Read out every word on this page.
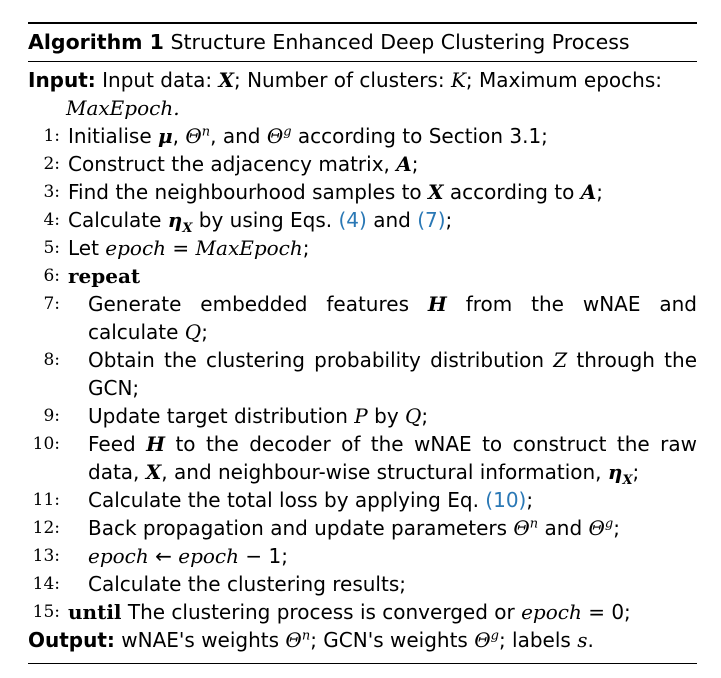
Algorithm 1 Structure Enhanced Deep Clustering Process
Input: Input data: X; Number of clusters: K; Maximum epochs:
MaxEpoch.
1: Initialise μ, $\Theta^n$, and $\Theta^g$ according to Section 3.1;
2: Construct the adjacency matrix, A;
3: Find the neighbourhood samples to X according to A;
4: Calculate $\eta_X$ by using Eqs. (4) and (7);
5: Let epoch = MaxEpoch;
6: repeat
7: Generate embedded features H from the wNAE and
calculate Q;
8: Obtain the clustering probability distribution Z through the
GCN;
9: Update target distribution P by Q;
10: Feed H to the decoder of the wNAE to construct the raw
data, X, and neighbour-wise structural information, $\eta_X$;
11: Calculate the total loss by applying Eq. (10);
12: Back propagation and update parameters $\Theta^n$ and $\Theta^g$;
13: epoch ← epoch − 1;
14: Calculate the clustering results;
15: until The clustering process is converged or epoch = 0;
Output: wNAE's weights $\Theta^n$; GCN's weights $\Theta^g$; labels s.
